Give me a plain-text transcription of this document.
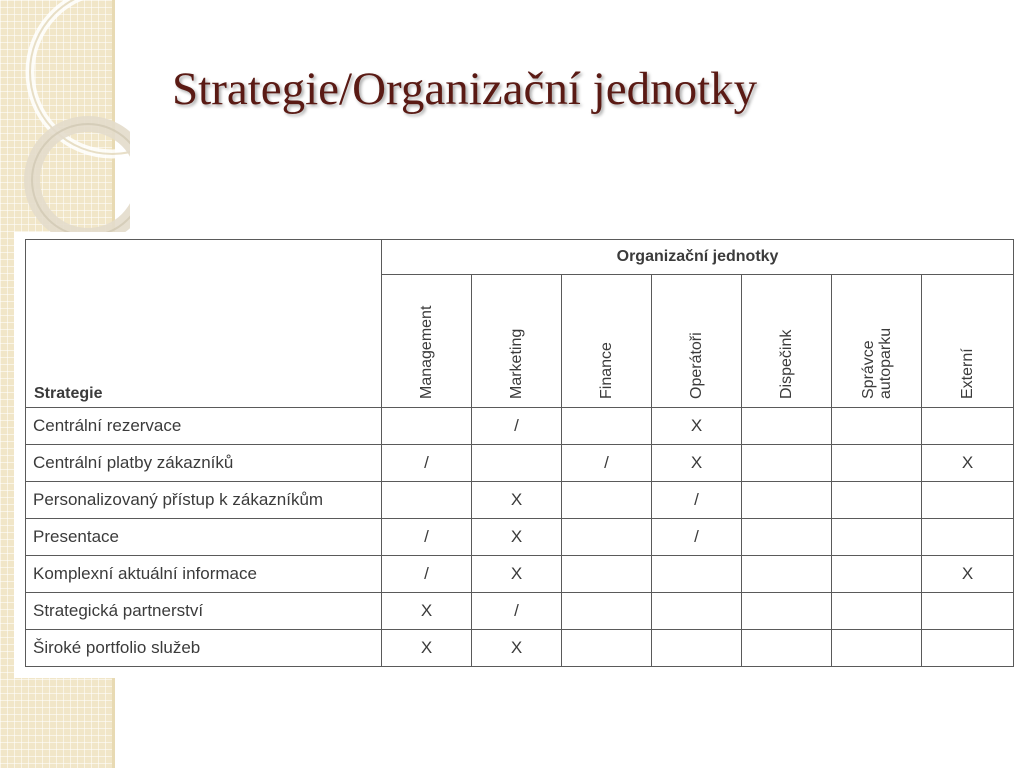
Strategie/Organizační jednotky
Strategie	Organizační jednotky						

	Management	Marketing	Finance	Operátoři	Dispečink	Správce autoparku	Externí

Centrální rezervace		/		X			
Centrální platby zákazníků	/		/	X			X
Personalizovaný přístup k zákazníkům		X		/			
Presentace	/	X		/			
Komplexní aktuální informace	/	X					X
Strategická partnerství	X	/					
Široké portfolio služeb	X	X					
